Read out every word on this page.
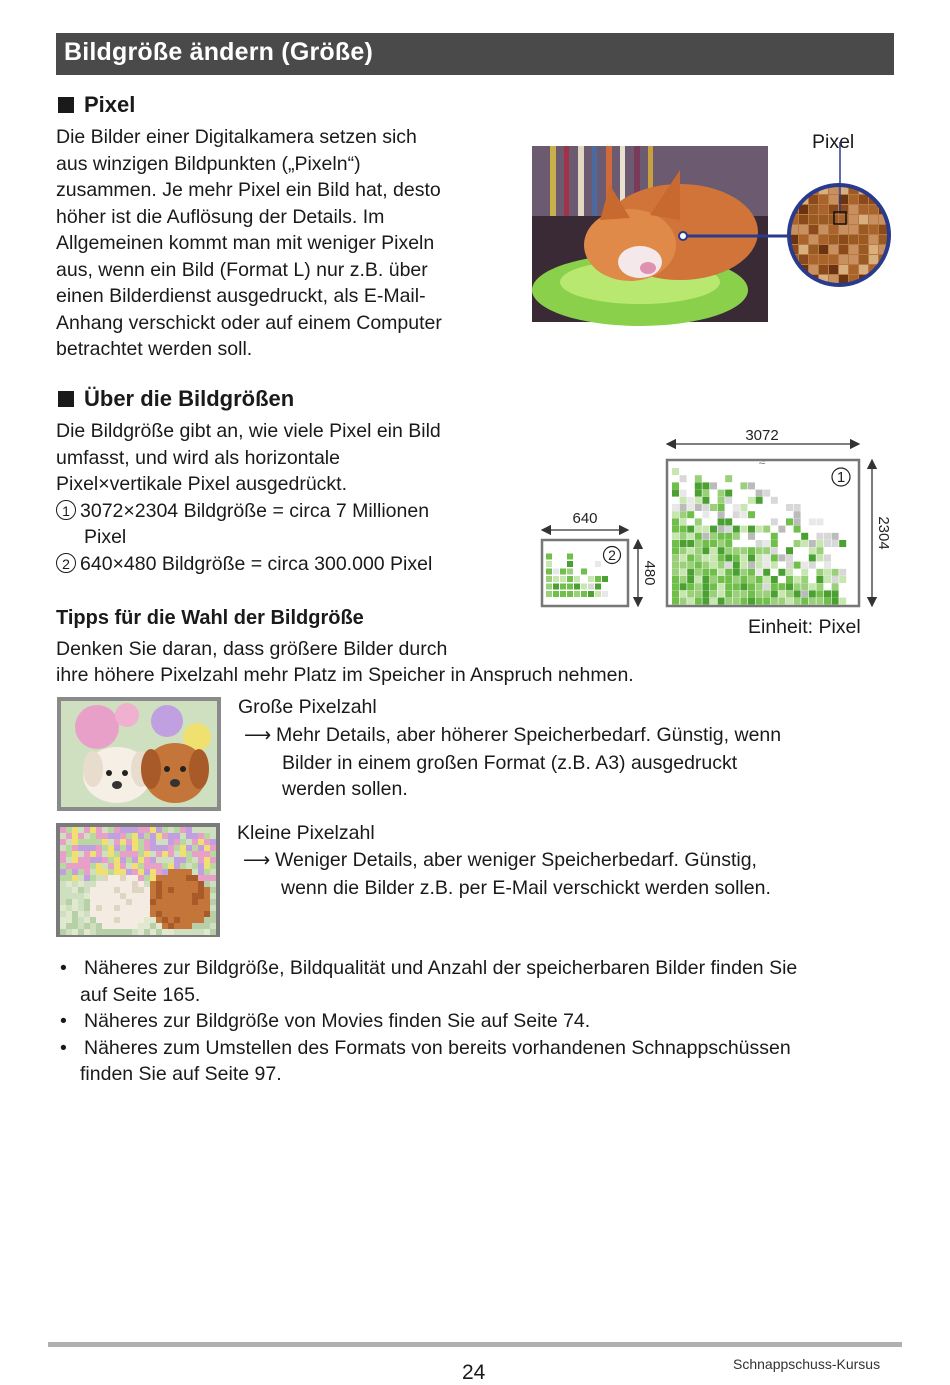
Bildgröße ändern (Größe)
Pixel
Die Bilder einer Digitalkamera setzen sich
aus winzigen Bildpunkten („Pixeln“)
zusammen. Je mehr Pixel ein Bild hat, desto
höher ist die Auflösung der Details. Im
Allgemeinen kommt man mit weniger Pixeln
aus, wenn ein Bild (Format L) nur z.B. über
einen Bilderdienst ausgedruckt, als E-Mail-
Anhang verschickt oder auf einem Computer
betrachtet werden soll.
Pixel
Über die Bildgrößen
Die Bildgröße gibt an, wie viele Pixel ein Bild
umfasst, und wird als horizontale
Pixel×vertikale Pixel ausgedrückt.
1 3072×2304 Bildgröße = circa 7 Millionen
Pixel
2 640×480 Bildgröße = circa 300.000 Pixel
3072
2304
≈
1
640
480
2
Einheit: Pixel
Tipps für die Wahl der Bildgröße
Denken Sie daran, dass größere Bilder durch
ihre höhere Pixelzahl mehr Platz im Speicher in Anspruch nehmen.
Große Pixelzahl
⟶ Mehr Details, aber höherer Speicherbedarf. Günstig, wenn
Bilder in einem großen Format (z.B. A3) ausgedruckt
werden sollen.
Kleine Pixelzahl
⟶ Weniger Details, aber weniger Speicherbedarf. Günstig,
wenn die Bilder z.B. per E-Mail verschickt werden sollen.
• Näheres zur Bildgröße, Bildqualität und Anzahl der speicherbaren Bilder finden Sie
auf Seite 165.
• Näheres zur Bildgröße von Movies finden Sie auf Seite 74.
• Näheres zum Umstellen des Formats von bereits vorhandenen Schnappschüssen
finden Sie auf Seite 97.
24	Schnappschuss-Kursus
